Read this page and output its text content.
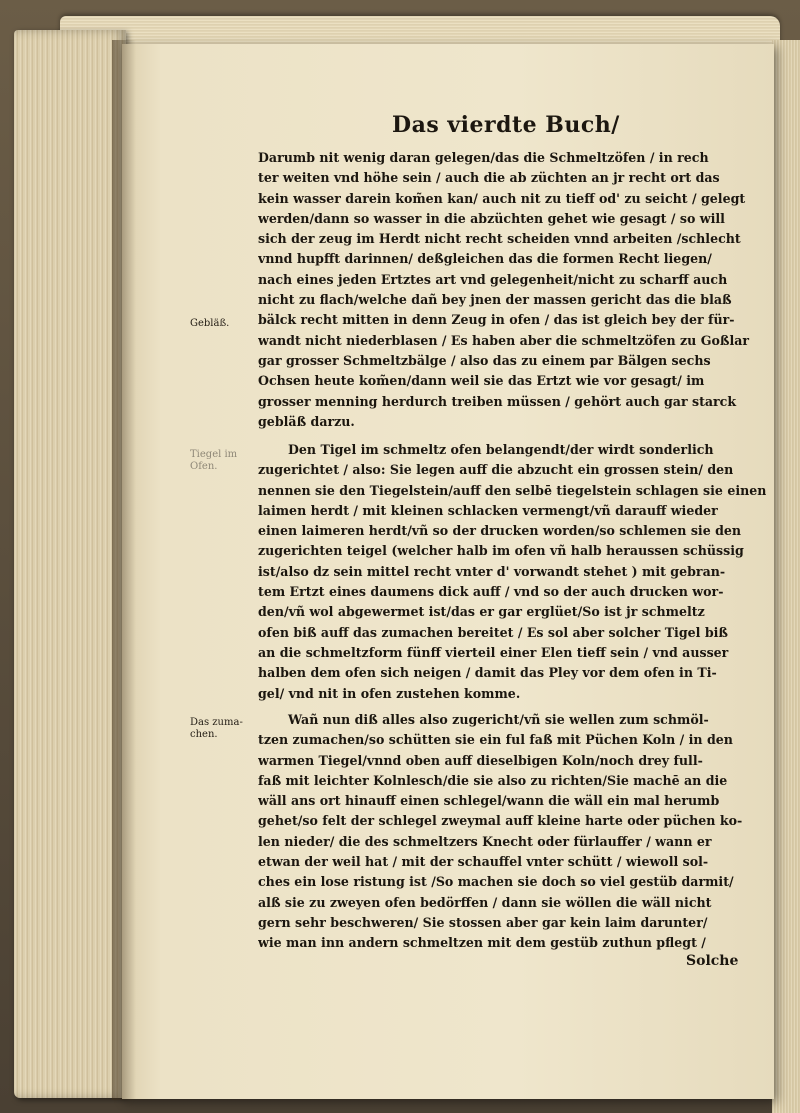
Das vierdte Buch/
Gebläß.
Tiegel im Ofen.
Das zuma-
chen.
Darumb nit wenig daran gelegen/das die Schmeltzöfen / in rech
ter weiten vnd höhe sein / auch die ab züchten an jr recht ort das
kein wasser darein kom̃en kan/ auch nit zu tieff od' zu seicht / gelegt
werden/dann so wasser in die abzüchten gehet wie gesagt / so will
sich der zeug im Herdt nicht recht scheiden vnnd arbeiten /schlecht
vnnd hupfft darinnen/ deßgleichen das die formen Recht liegen/
nach eines jeden Ertztes art vnd gelegenheit/nicht zu scharff auch
nicht zu flach/welche dañ bey jnen der massen gericht das die blaß
bälck recht mitten in denn Zeug in ofen / das ist gleich bey der für-
wandt nicht niederblasen / Es haben aber die schmeltzöfen zu Goßlar
gar grosser Schmeltzbälge / also das zu einem par Bälgen sechs
Ochsen heute kom̃en/dann weil sie das Ertzt wie vor gesagt/ im
grosser menning herdurch treiben müssen / gehört auch gar starck
gebläß darzu.
Den Tigel im schmeltz ofen belangendt/der wirdt sonderlich
zugerichtet / also: Sie legen auff die abzucht ein grossen stein/ den
nennen sie den Tiegelstein/auff den selbē tiegelstein schlagen sie einen
laimen herdt / mit kleinen schlacken vermengt/vñ darauff wieder
einen laimeren herdt/vñ so der drucken worden/so schlemen sie den
zugerichten teigel (welcher halb im ofen vñ halb heraussen schüssig
ist/also dz sein mittel recht vnter d' vorwandt stehet ) mit gebran-
tem Ertzt eines daumens dick auff / vnd so der auch drucken wor-
den/vñ wol abgewermet ist/das er gar erglüet/So ist jr schmeltz
ofen biß auff das zumachen bereitet / Es sol aber solcher Tigel biß
an die schmeltzform fünff vierteil einer Elen tieff sein / vnd ausser
halben dem ofen sich neigen / damit das Pley vor dem ofen in Ti-
gel/ vnd nit in ofen zustehen komme.
Wañ nun diß alles also zugericht/vñ sie wellen zum schmöl-
tzen zumachen/so schütten sie ein ful faß mit Püchen Koln / in den
warmen Tiegel/vnnd oben auff dieselbigen Koln/noch drey full-
faß mit leichter Kolnlesch/die sie also zu richten/Sie machē an die
wäll ans ort hinauff einen schlegel/wann die wäll ein mal herumb
gehet/so felt der schlegel zweymal auff kleine harte oder püchen ko-
len nieder/ die des schmeltzers Knecht oder fürlauffer / wann er
etwan der weil hat / mit der schauffel vnter schütt / wiewoll sol-
ches ein lose ristung ist /So machen sie doch so viel gestüb darmit/
alß sie zu zweyen ofen bedörffen / dann sie wöllen die wäll nicht
gern sehr beschweren/ Sie stossen aber gar kein laim darunter/
wie man inn andern schmeltzen mit dem gestüb zuthun pflegt /
Solche
